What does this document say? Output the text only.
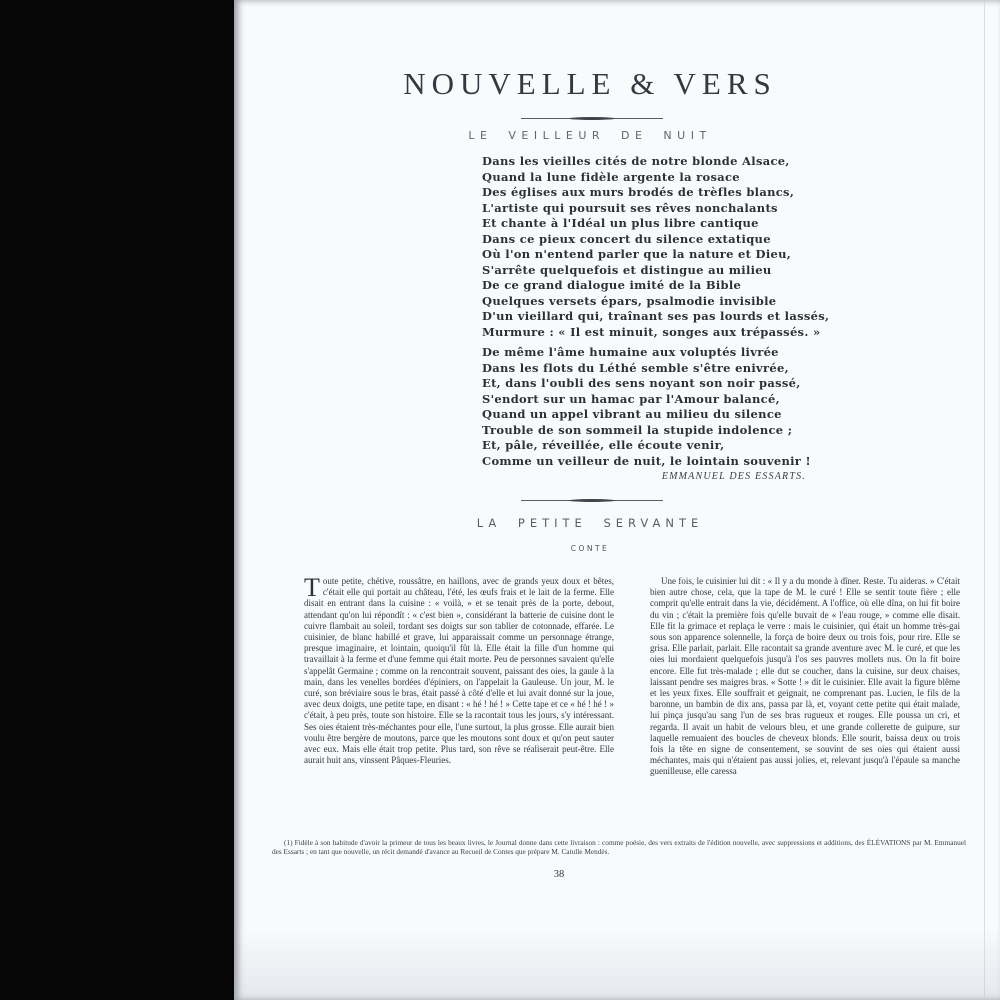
NOUVELLE & VERS
LE VEILLEUR DE NUIT
Dans les vieilles cités de notre blonde Alsace,
Quand la lune fidèle argente la rosace
Des églises aux murs brodés de trèfles blancs,
L'artiste qui poursuit ses rêves nonchalants
Et chante à l'Idéal un plus libre cantique
Dans ce pieux concert du silence extatique
Où l'on n'entend parler que la nature et Dieu,
S'arrête quelquefois et distingue au milieu
De ce grand dialogue imité de la Bible
Quelques versets épars, psalmodie invisible
D'un vieillard qui, traînant ses pas lourds et lassés,
Murmure : « Il est minuit, songes aux trépassés. »
De même l'âme humaine aux voluptés livrée
Dans les flots du Léthé semble s'être enivrée,
Et, dans l'oubli des sens noyant son noir passé,
S'endort sur un hamac par l'Amour balancé,
Quand un appel vibrant au milieu du silence
Trouble de son sommeil la stupide indolence ;
Et, pâle, réveillée, elle écoute venir,
Comme un veilleur de nuit, le lointain souvenir !
EMMANUEL DES ESSARTS.
LA PETITE SERVANTE
CONTE

Toute petite, chétive, roussâtre, en haillons, avec de grands yeux doux et bêtes, c'était elle qui portait au château, l'été, les œufs frais et le lait de la ferme. Elle disait en entrant dans la cuisine : « voilà, » et se tenait près de la porte, debout, attendant qu'on lui répondît : « c'est bien », considérant la batterie de cuisine dont le cuivre flambait au soleil, tordant ses doigts sur son tablier de cotonnade, effarée. Le cuisinier, de blanc habillé et grave, lui apparaissait comme un personnage étrange, presque imaginaire, et lointain, quoiqu'il fût là. Elle était la fille d'un homme qui travaillait à la ferme et d'une femme qui était morte. Peu de personnes savaient qu'elle s'appelât Germaine ; comme on la rencontrait souvent, paissant des oies, la gaule à la main, dans les venelles bordées d'épiniers, on l'appelait la Gauleuse. Un jour, M. le curé, son bréviaire sous le bras, était passé à côté d'elle et lui avait donné sur la joue, avec deux doigts, une petite tape, en disant : « hé ! hé ! » Cette tape et ce « hé ! hé ! » c'était, à peu près, toute son histoire. Elle se la racontait tous les jours, s'y intéressant. Ses oies étaient très-méchantes pour elle, l'une surtout, la plus grosse. Elle aurait bien voulu être bergère de moutons, parce que les moutons sont doux et qu'on peut sauter avec eux. Mais elle était trop petite. Plus tard, son rêve se réaliserait peut-être. Elle aurait huit ans, vinssent Pâques-Fleuries.

Une fois, le cuisinier lui dit : « Il y a du monde à dîner. Reste. Tu aideras. » C'était bien autre chose, cela, que la tape de M. le curé ! Elle se sentit toute fière ; elle comprit qu'elle entrait dans la vie, décidément. A l'office, où elle dîna, on lui fit boire du vin ; c'était la première fois qu'elle buvait de « l'eau rouge, » comme elle disait. Elle fit la grimace et replaça le verre : mais le cuisinier, qui était un homme très-gai sous son apparence solennelle, la força de boire deux ou trois fois, pour rire. Elle se grisa. Elle parlait, parlait. Elle racontait sa grande aventure avec M. le curé, et que les oies lui mordaient quelquefois jusqu'à l'os ses pauvres mollets nus. On la fit boire encore. Elle fut très-malade ; elle dut se coucher, dans la cuisine, sur deux chaises, laissant pendre ses maigres bras. « Sotte ! » dit le cuisinier. Elle avait la figure blême et les yeux fixes. Elle souffrait et geignait, ne comprenant pas. Lucien, le fils de la baronne, un bambin de dix ans, passa par là, et, voyant cette petite qui était malade, lui pinça jusqu'au sang l'un de ses bras rugueux et rouges. Elle poussa un cri, et regarda. Il avait un habit de velours bleu, et une grande collerette de guipure, sur laquelle remuaient des boucles de cheveux blonds. Elle sourit, baissa deux ou trois fois la tête en signe de consentement, se souvint de ses oies qui étaient aussi méchantes, mais qui n'étaient pas aussi jolies, et, relevant jusqu'à l'épaule sa manche guenilleuse, elle caressa

(1) Fidèle à son habitude d'avoir la primeur de tous les beaux livres, le Journal donne dans cette livraison : comme poésie, des vers extraits de l'édition nouvelle, avec suppressions et additions, des ÉLÉVATIONS par M. Emmanuel des Essarts ; en tant que nouvelle, un récit demandé d'avance au Recueil de Contes que prépare M. Catulle Mendès.
38
